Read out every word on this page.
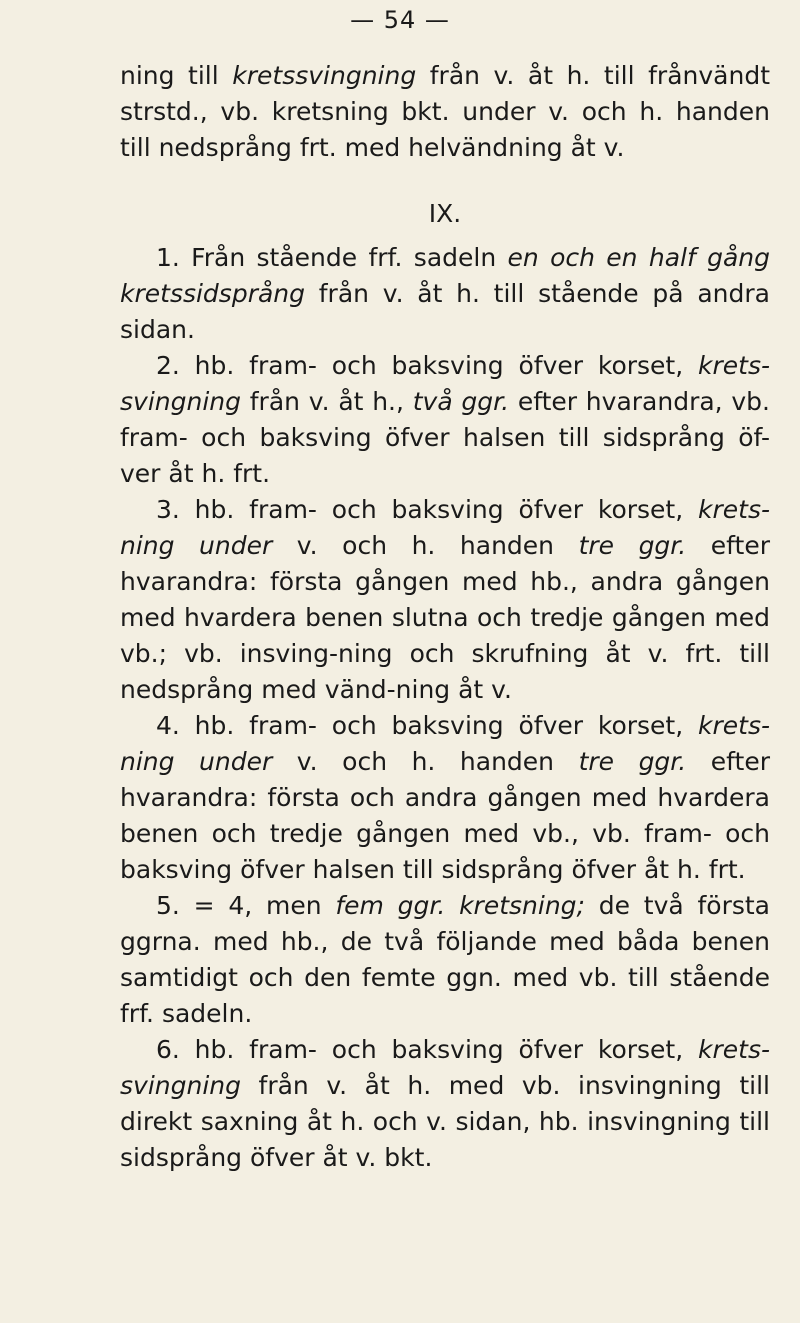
— 54 —

ning till kretssvingning från v. åt h. till frånvändt strstd., vb. kretsning bkt. under v. och h. handen till nedsprång frt. med helvändning åt v.

IX.

1. Från stående frf. sadeln en och en half gång kretssidsprång från v. åt h. till stående på andra sidan.

2. hb. fram- och baksving öfver korset, krets-svingning från v. åt h., två ggr. efter hvarandra, vb. fram- och baksving öfver halsen till sidsprång öf-ver åt h. frt.

3. hb. fram- och baksving öfver korset, krets-ning under v. och h. handen tre ggr. efter hvarandra: första gången med hb., andra gången med hvardera benen slutna och tredje gången med vb.; vb. insving-ning och skrufning åt v. frt. till nedsprång med vänd-ning åt v.

4. hb. fram- och baksving öfver korset, krets-ning under v. och h. handen tre ggr. efter hvarandra: första och andra gången med hvardera benen och tredje gången med vb., vb. fram- och baksving öfver halsen till sidsprång öfver åt h. frt.

5. = 4, men fem ggr. kretsning; de två första ggrna. med hb., de två följande med båda benen samtidigt och den femte ggn. med vb. till stående frf. sadeln.

6. hb. fram- och baksving öfver korset, krets-svingning från v. åt h. med vb. insvingning till direkt saxning åt h. och v. sidan, hb. insvingning till sidsprång öfver åt v. bkt.
